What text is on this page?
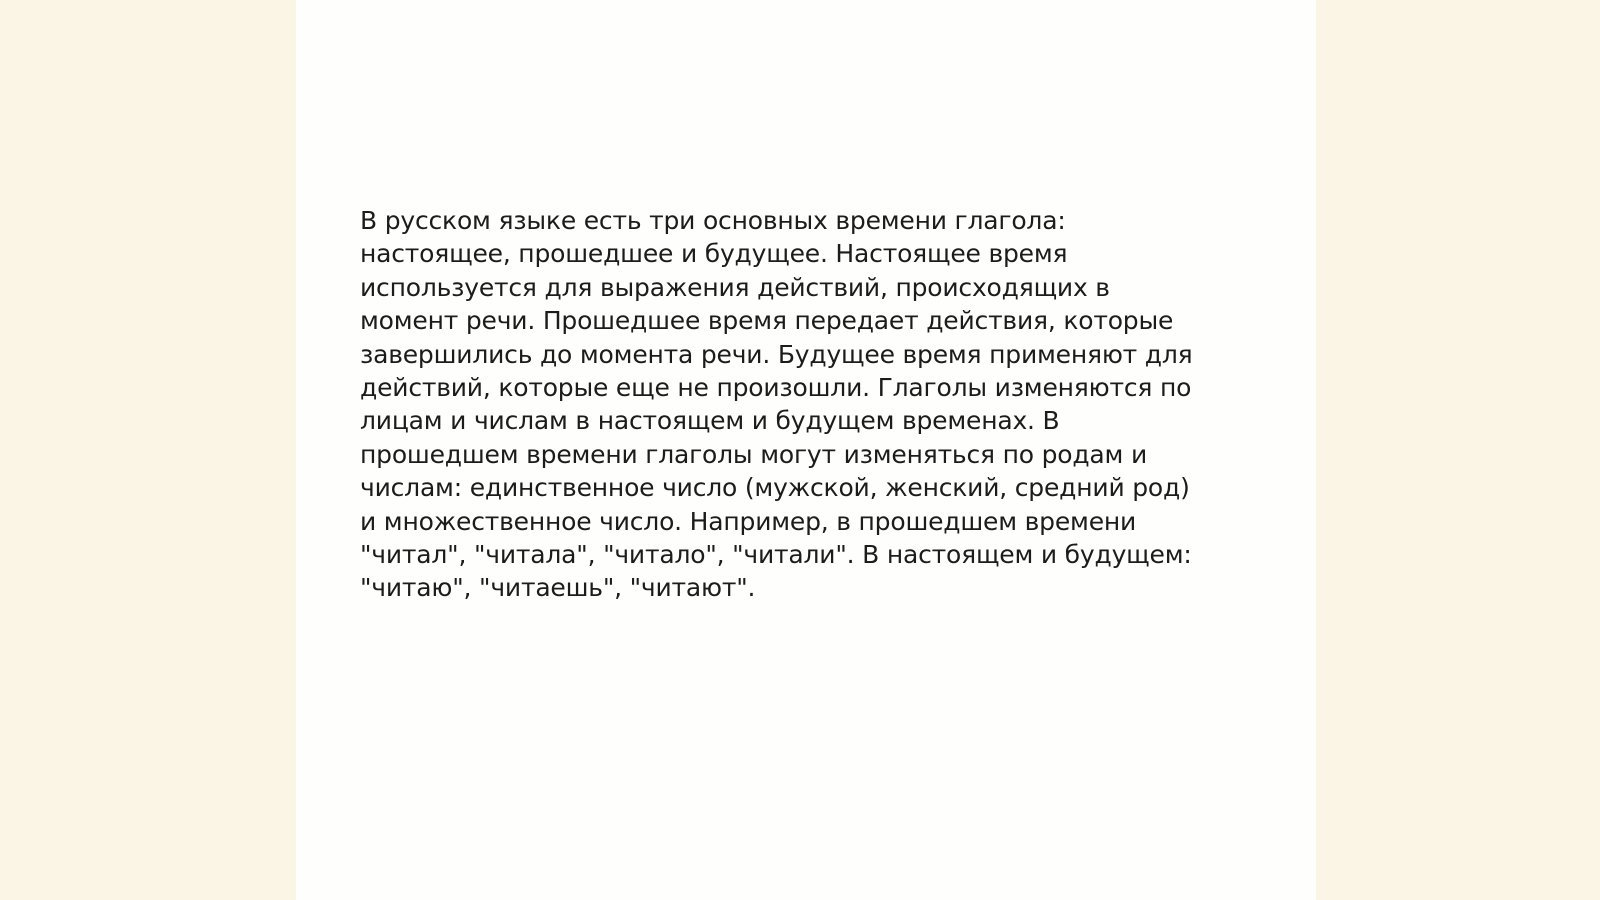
В русском языке есть три основных времени глагола:
настоящее, прошедшее и будущее. Настоящее время
используется для выражения действий, происходящих в
момент речи. Прошедшее время передает действия, которые
завершились до момента речи. Будущее время применяют для
действий, которые еще не произошли. Глаголы изменяются по
лицам и числам в настоящем и будущем временах. В
прошедшем времени глаголы могут изменяться по родам и
числам: единственное число (мужской, женский, средний род)
и множественное число. Например, в прошедшем времени
"читал", "читала", "читало", "читали". В настоящем и будущем:
"читаю", "читаешь", "читают".
